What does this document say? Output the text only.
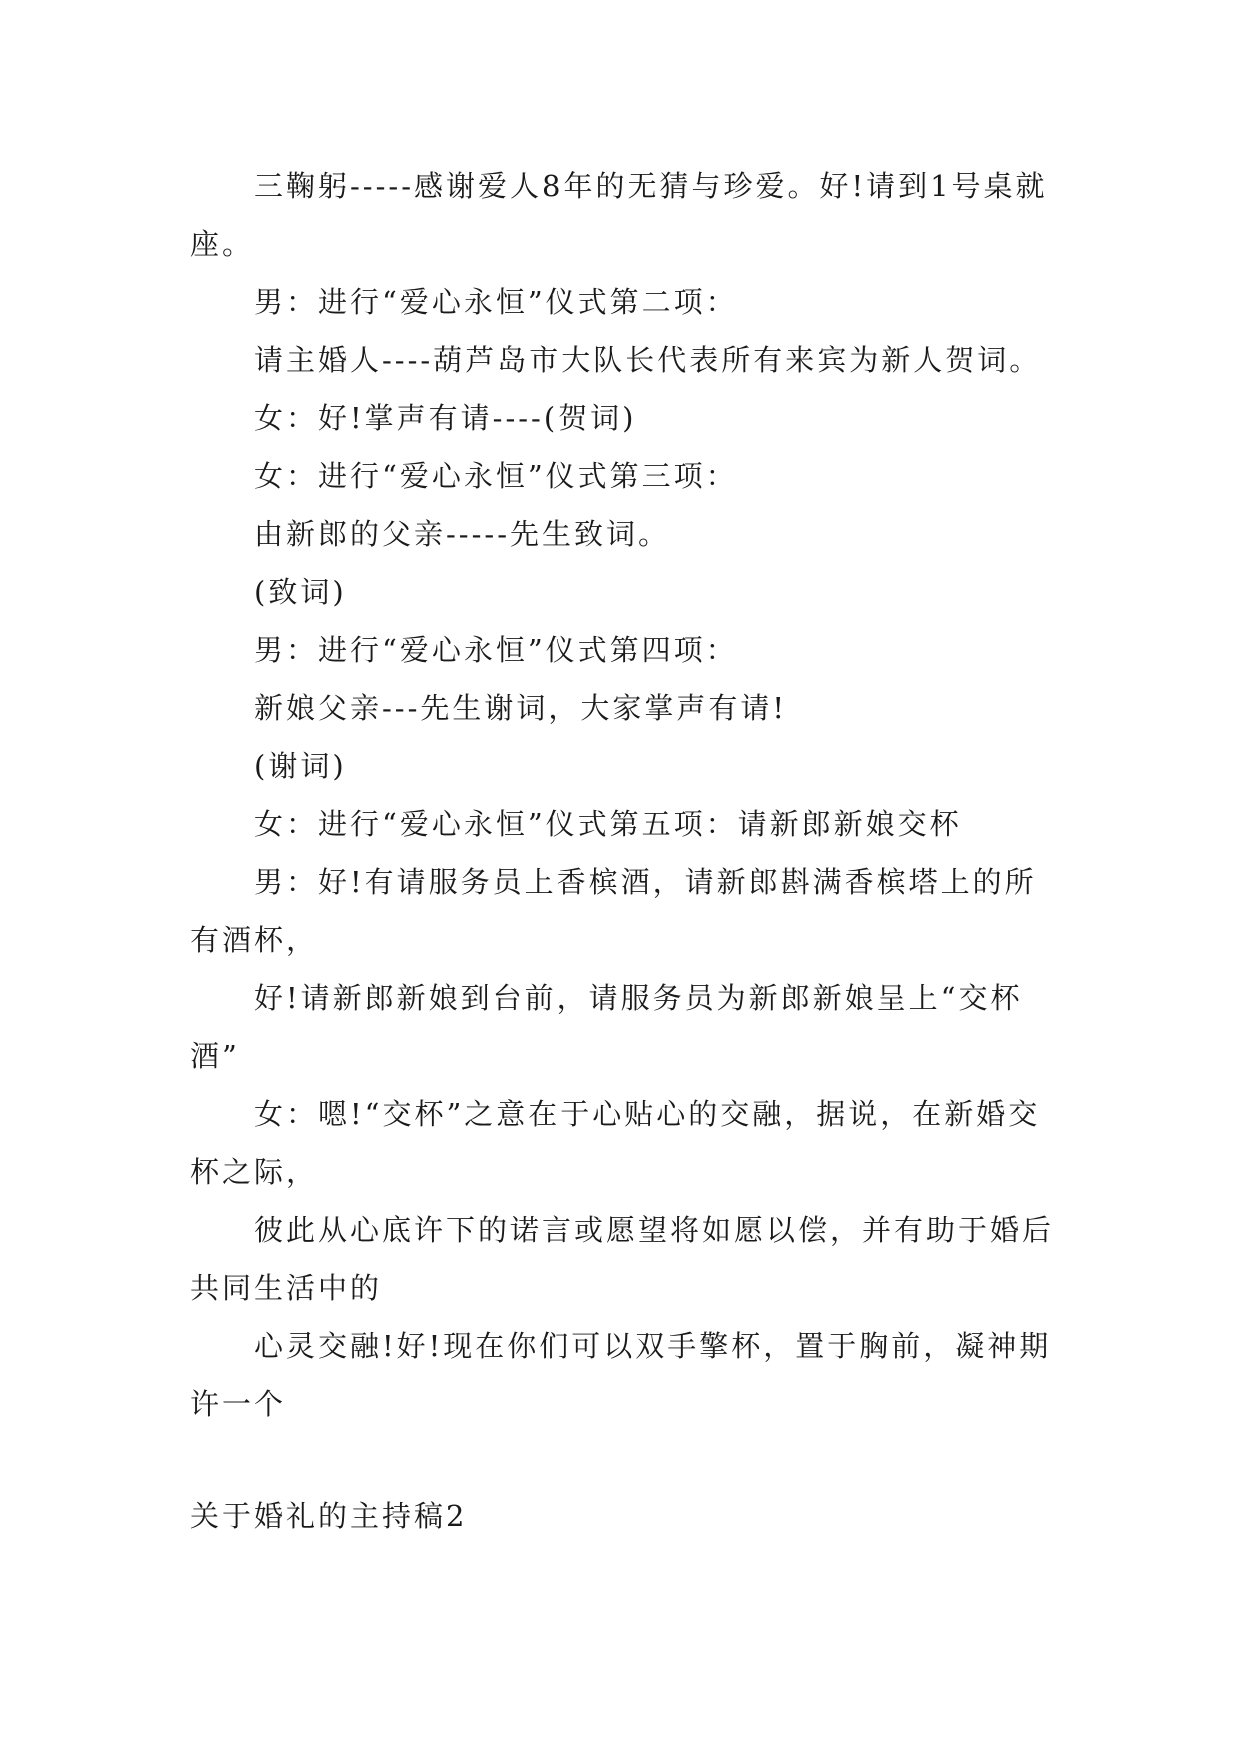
三鞠躬-----感谢爱人8年的无猜与珍爱。好!请到1号桌就座。

男：进行“爱心永恒”仪式第二项：

请主婚人----葫芦岛市大队长代表所有来宾为新人贺词。

女：好!掌声有请----(贺词)

女：进行“爱心永恒”仪式第三项：

由新郎的父亲-----先生致词。

(致词)

男：进行“爱心永恒”仪式第四项：

新娘父亲---先生谢词，大家掌声有请!

(谢词)

女：进行“爱心永恒”仪式第五项：请新郎新娘交杯

男：好!有请服务员上香槟酒，请新郎斟满香槟塔上的所有酒杯，

好!请新郎新娘到台前，请服务员为新郎新娘呈上“交杯酒”

女：嗯!“交杯”之意在于心贴心的交融，据说，在新婚交杯之际，

彼此从心底许下的诺言或愿望将如愿以偿，并有助于婚后共同生活中的

心灵交融!好!现在你们可以双手擎杯，置于胸前，凝神期许一个

关于婚礼的主持稿2
